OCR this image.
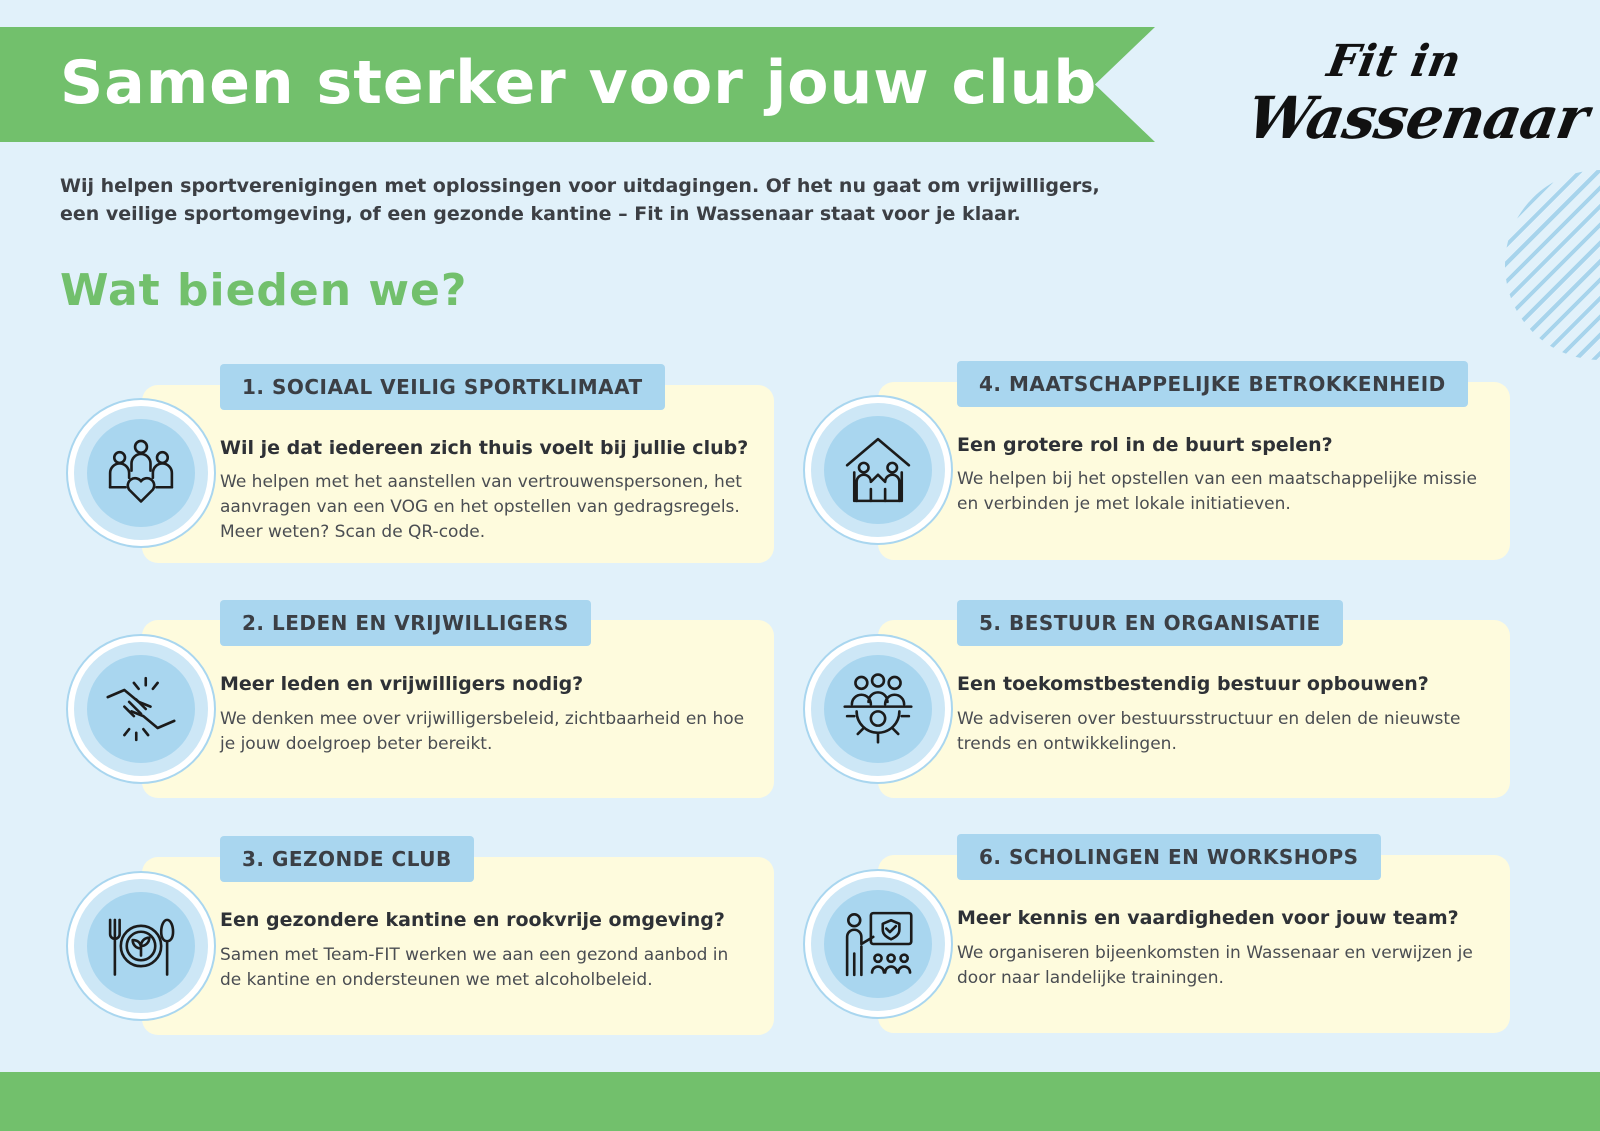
Samen sterker voor jouw club	Fit in
Wassenaar
Wij helpen sportverenigingen met oplossingen voor uitdagingen. Of het nu gaat om vrijwilligers, een veilige sportomgeving, of een gezonde kantine – Fit in Wassenaar staat voor je klaar.
Wat bieden we?
1. SOCIAAL VEILIG SPORTKLIMAAT
Wil je dat iedereen zich thuis voelt bij jullie club?
We helpen met het aanstellen van vertrouwenspersonen, het aanvragen van een VOG en het opstellen van gedragsregels. Meer weten? Scan de QR-code.
2. LEDEN EN VRIJWILLIGERS
Meer leden en vrijwilligers nodig?
We denken mee over vrijwilligersbeleid, zichtbaarheid en hoe je jouw doelgroep beter bereikt.
3. GEZONDE CLUB
Een gezondere kantine en rookvrije omgeving?
Samen met Team-FIT werken we aan een gezond aanbod in de kantine en ondersteunen we met alcoholbeleid.
4. MAATSCHAPPELIJKE BETROKKENHEID
Een grotere rol in de buurt spelen?
We helpen bij het opstellen van een maatschappelijke missie en verbinden je met lokale initiatieven.
5. BESTUUR EN ORGANISATIE
Een toekomstbestendig bestuur opbouwen?
We adviseren over bestuursstructuur en delen de nieuwste trends en ontwikkelingen.
6. SCHOLINGEN EN WORKSHOPS
Meer kennis en vaardigheden voor jouw team?
We organiseren bijeenkomsten in Wassenaar en verwijzen je door naar landelijke trainingen.
